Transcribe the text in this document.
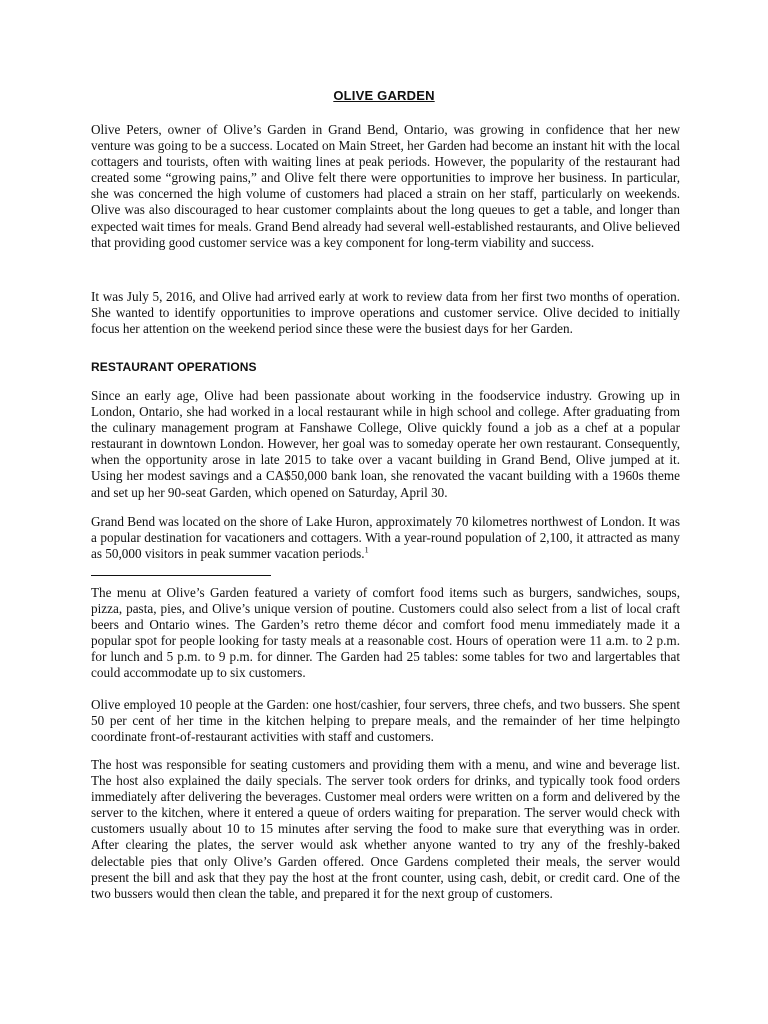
OLIVE GARDEN

Olive Peters, owner of Olive’s Garden in Grand Bend, Ontario, was growing in confidence that her new venture was going to be a success. Located on Main Street, her Garden had become an instant hit with the local cottagers and tourists, often with waiting lines at peak periods. However, the popularity of the restaurant had created some “growing pains,” and Olive felt there were opportunities to improve her business. In particular, she was concerned the high volume of customers had placed a strain on her staff, particularly on weekends. Olive was also discouraged to hear customer complaints about the long queues to get a table, and longer than expected wait times for meals. Grand Bend already had several well-established restaurants, and Olive believed that providing good customer service was a key component for long-term viability and success.

It was July 5, 2016, and Olive had arrived early at work to review data from her first two months of operation. She wanted to identify opportunities to improve operations and customer service. Olive decided to initially focus her attention on the weekend period since these were the busiest days for her Garden.

RESTAURANT OPERATIONS

Since an early age, Olive had been passionate about working in the foodservice industry. Growing up in London, Ontario, she had worked in a local restaurant while in high school and college. After graduating from the culinary management program at Fanshawe College, Olive quickly found a job as a chef at a popular restaurant in downtown London. However, her goal was to someday operate her own restaurant. Consequently, when the opportunity arose in late 2015 to take over a vacant building in Grand Bend, Olive jumped at it. Using her modest savings and a CA$50,000 bank loan, she renovated the vacant building with a 1960s theme and set up her 90-seat Garden, which opened on Saturday, April 30.

Grand Bend was located on the shore of Lake Huron, approximately 70 kilometres northwest of London. It was a popular destination for vacationers and cottagers. With a year-round population of 2,100, it attracted as many as 50,000 visitors in peak summer vacation periods.$^1$

The menu at Olive’s Garden featured a variety of comfort food items such as burgers, sandwiches, soups, pizza, pasta, pies, and Olive’s unique version of poutine. Customers could also select from a list of local craft beers and Ontario wines. The Garden’s retro theme décor and comfort food menu immediately made it a popular spot for people looking for tasty meals at a reasonable cost. Hours of operation were 11 a.m. to 2 p.m. for lunch and 5 p.m. to 9 p.m. for dinner. The Garden had 25 tables: some tables for two and largertables that could accommodate up to six customers.

Olive employed 10 people at the Garden: one host/cashier, four servers, three chefs, and two bussers. She spent 50 per cent of her time in the kitchen helping to prepare meals, and the remainder of her time helpingto coordinate front-of-restaurant activities with staff and customers.

The host was responsible for seating customers and providing them with a menu, and wine and beverage list. The host also explained the daily specials. The server took orders for drinks, and typically took food orders immediately after delivering the beverages. Customer meal orders were written on a form and delivered by the server to the kitchen, where it entered a queue of orders waiting for preparation. The server would check with customers usually about 10 to 15 minutes after serving the food to make sure that everything was in order. After clearing the plates, the server would ask whether anyone wanted to try any of the freshly-baked delectable pies that only Olive’s Garden offered. Once Gardens completed their meals, the server would present the bill and ask that they pay the host at the front counter, using cash, debit, or credit card. One of the two bussers would then clean the table, and prepared it for the next group of customers.
